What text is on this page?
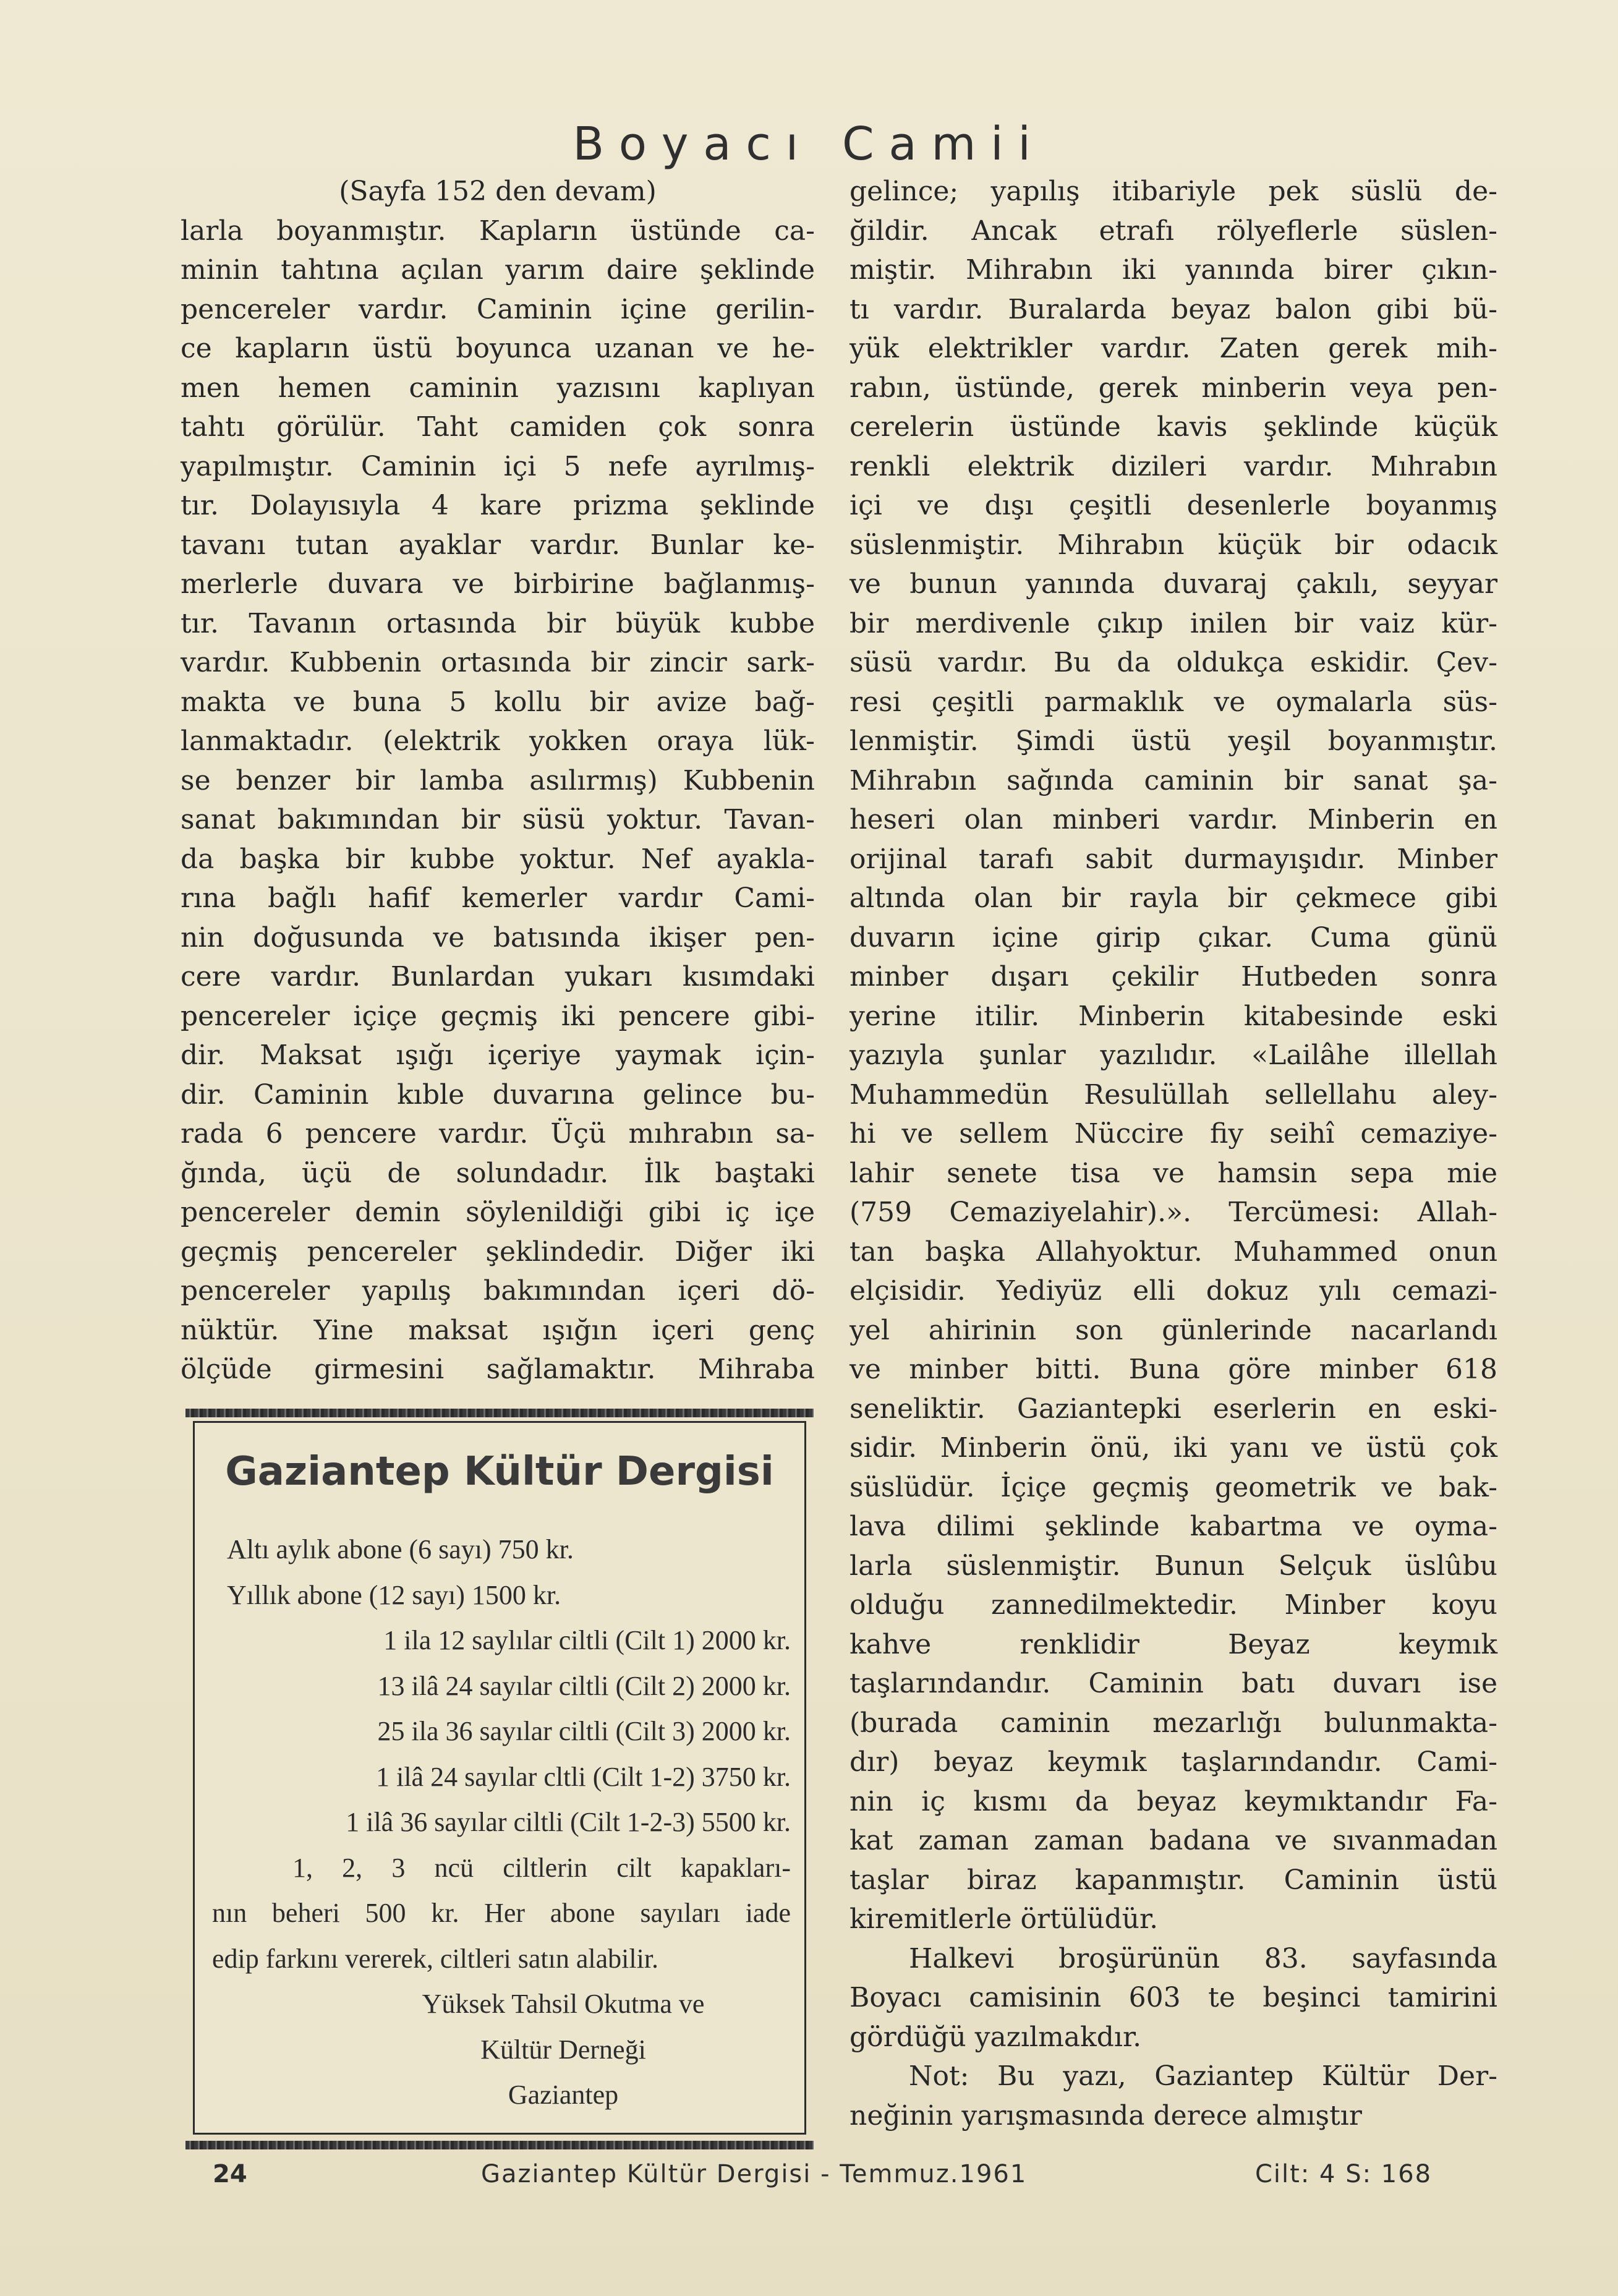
Boyacı Camii
(Sayfa 152 den devam)
larla boyanmıştır. Kapların üstünde ca-
minin tahtına açılan yarım daire şeklinde
pencereler vardır. Caminin içine gerilin-
ce kapların üstü boyunca uzanan ve he-
men hemen caminin yazısını kaplıyan
tahtı görülür. Taht camiden çok sonra
yapılmıştır. Caminin içi 5 nefe ayrılmış-
tır. Dolayısıyla 4 kare prizma şeklinde
tavanı tutan ayaklar vardır. Bunlar ke-
merlerle duvara ve birbirine bağlanmış-
tır. Tavanın ortasında bir büyük kubbe
vardır. Kubbenin ortasında bir zincir sark-
makta ve buna 5 kollu bir avize bağ-
lanmaktadır. (elektrik yokken oraya lük-
se benzer bir lamba asılırmış) Kubbenin
sanat bakımından bir süsü yoktur. Tavan-
da başka bir kubbe yoktur. Nef ayakla-
rına bağlı hafif kemerler vardır Cami-
nin doğusunda ve batısında ikişer pen-
cere vardır. Bunlardan yukarı kısımdaki
pencereler içiçe geçmiş iki pencere gibi-
dir. Maksat ışığı içeriye yaymak için-
dir. Caminin kıble duvarına gelince bu-
rada 6 pencere vardır. Üçü mıhrabın sa-
ğında, üçü de solundadır. İlk baştaki
pencereler demin söylenildiği gibi iç içe
geçmiş pencereler şeklindedir. Diğer iki
pencereler yapılış bakımından içeri dö-
nüktür. Yine maksat ışığın içeri genç
ölçüde girmesini sağlamaktır. Mihraba
gelince; yapılış itibariyle pek süslü de-
ğildir. Ancak etrafı rölyeflerle süslen-
miştir. Mihrabın iki yanında birer çıkın-
tı vardır. Buralarda beyaz balon gibi bü-
yük elektrikler vardır. Zaten gerek mih-
rabın, üstünde, gerek minberin veya pen-
cerelerin üstünde kavis şeklinde küçük
renkli elektrik dizileri vardır. Mıhrabın
içi ve dışı çeşitli desenlerle boyanmış
süslenmiştir. Mihrabın küçük bir odacık
ve bunun yanında duvaraj çakılı, seyyar
bir merdivenle çıkıp inilen bir vaiz kür-
süsü vardır. Bu da oldukça eskidir. Çev-
resi çeşitli parmaklık ve oymalarla süs-
lenmiştir. Şimdi üstü yeşil boyanmıştır.
Mihrabın sağında caminin bir sanat şa-
heseri olan minberi vardır. Minberin en
orijinal tarafı sabit durmayışıdır. Minber
altında olan bir rayla bir çekmece gibi
duvarın içine girip çıkar. Cuma günü
minber dışarı çekilir Hutbeden sonra
yerine itilir. Minberin kitabesinde eski
yazıyla şunlar yazılıdır. «Lailâhe illellah
Muhammedün Resulüllah sellellahu aley-
hi ve sellem Nüccire fiy seihî cemaziye-
lahir senete tisa ve hamsin sepa mie
(759 Cemaziyelahir).». Tercümesi: Allah-
tan başka Allahyoktur. Muhammed onun
elçisidir. Yediyüz elli dokuz yılı cemazi-
yel ahirinin son günlerinde nacarlandı
ve minber bitti. Buna göre minber 618
seneliktir. Gaziantepki eserlerin en eski-
sidir. Minberin önü, iki yanı ve üstü çok
süslüdür. İçiçe geçmiş geometrik ve bak-
lava dilimi şeklinde kabartma ve oyma-
larla süslenmiştir. Bunun Selçuk üslûbu
olduğu zannedilmektedir. Minber koyu
kahve renklidir Beyaz keymık
taşlarındandır. Caminin batı duvarı ise
(burada caminin mezarlığı bulunmakta-
dır) beyaz keymık taşlarındandır. Cami-
nin iç kısmı da beyaz keymıktandır Fa-
kat zaman zaman badana ve sıvanmadan
taşlar biraz kapanmıştır. Caminin üstü
kiremitlerle örtülüdür.
Halkevi broşürünün 83. sayfasında
Boyacı camisinin 603 te beşinci tamirini
gördüğü yazılmakdır.
Not: Bu yazı, Gaziantep Kültür Der-
neğinin yarışmasında derece almıştır
Gaziantep Kültür Dergisi
Altı aylık abone (6 sayı) 750 kr.
Yıllık abone (12 sayı) 1500 kr.
1 ila 12 saylılar ciltli (Cilt 1) 2000 kr.
13 ilâ 24 sayılar ciltli (Cilt 2) 2000 kr.
25 ila 36 sayılar ciltli (Cilt 3) 2000 kr.
1 ilâ 24 sayılar cltli (Cilt 1-2) 3750 kr.
1 ilâ 36 sayılar ciltli (Cilt 1-2-3) 5500 kr.
1, 2, 3 ncü ciltlerin cilt kapakları-
nın beheri 500 kr. Her abone sayıları iade
edip farkını vererek, ciltleri satın alabilir.
Yüksek Tahsil Okutma ve
Kültür Derneği
Gaziantep
24	Gaziantep Kültür Dergisi - Temmuz.1961	Cilt: 4 S: 168
